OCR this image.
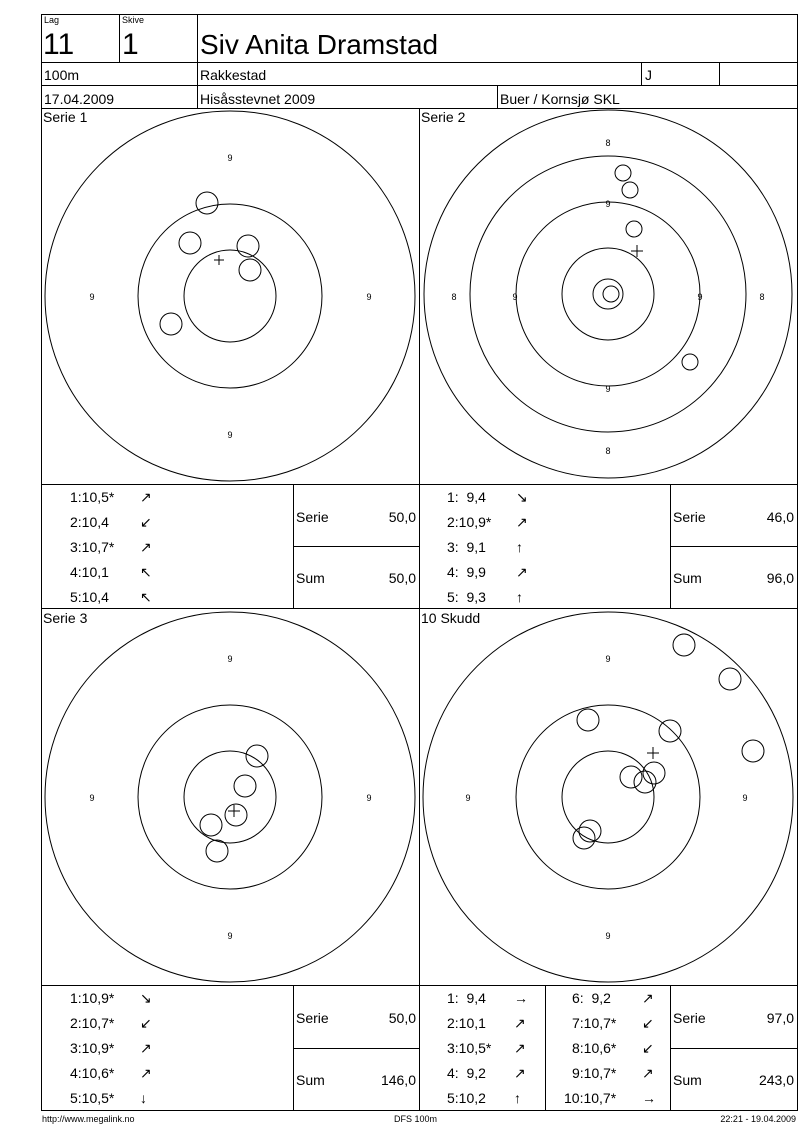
Lag
11
Skive
1 Siv Anita Dramstad
100m	Rakkestad	J
17.04.2009	Hisåsstevnet 2009	Buer / Kornsjø SKL
Serie 1	Serie 2
Serie 3	10 Skudd
9
9
9	9
8
8
8	8
9
9
9	9
9
9
9	9
9
9
9	9
1:10,5* ↗
2:10,4 ↙
3:10,7* ↗
4:10,1 ↖
5:10,4 ↖
Serie	50,0
Sum	50,0
1:  9,4 ↘
2:10,9* ↗
3:  9,1 ↑
4:  9,9 ↗
5:  9,3 ↑
Serie	46,0
Sum	96,0
1:10,9* ↘
2:10,7* ↙
3:10,9* ↗
4:10,6* ↗
5:10,5* ↓
Serie	50,0
Sum	146,0
1:  9,4 →
2:10,1 ↗
3:10,5* ↗
4:  9,2 ↗
5:10,2 ↑
6:  9,2 ↗
7:10,7* ↙
8:10,6* ↙
9:10,7* ↗
10:10,7* →
Serie	97,0
Sum	243,0
http://www.megalink.no	DFS 100m	22:21 - 19.04.2009
